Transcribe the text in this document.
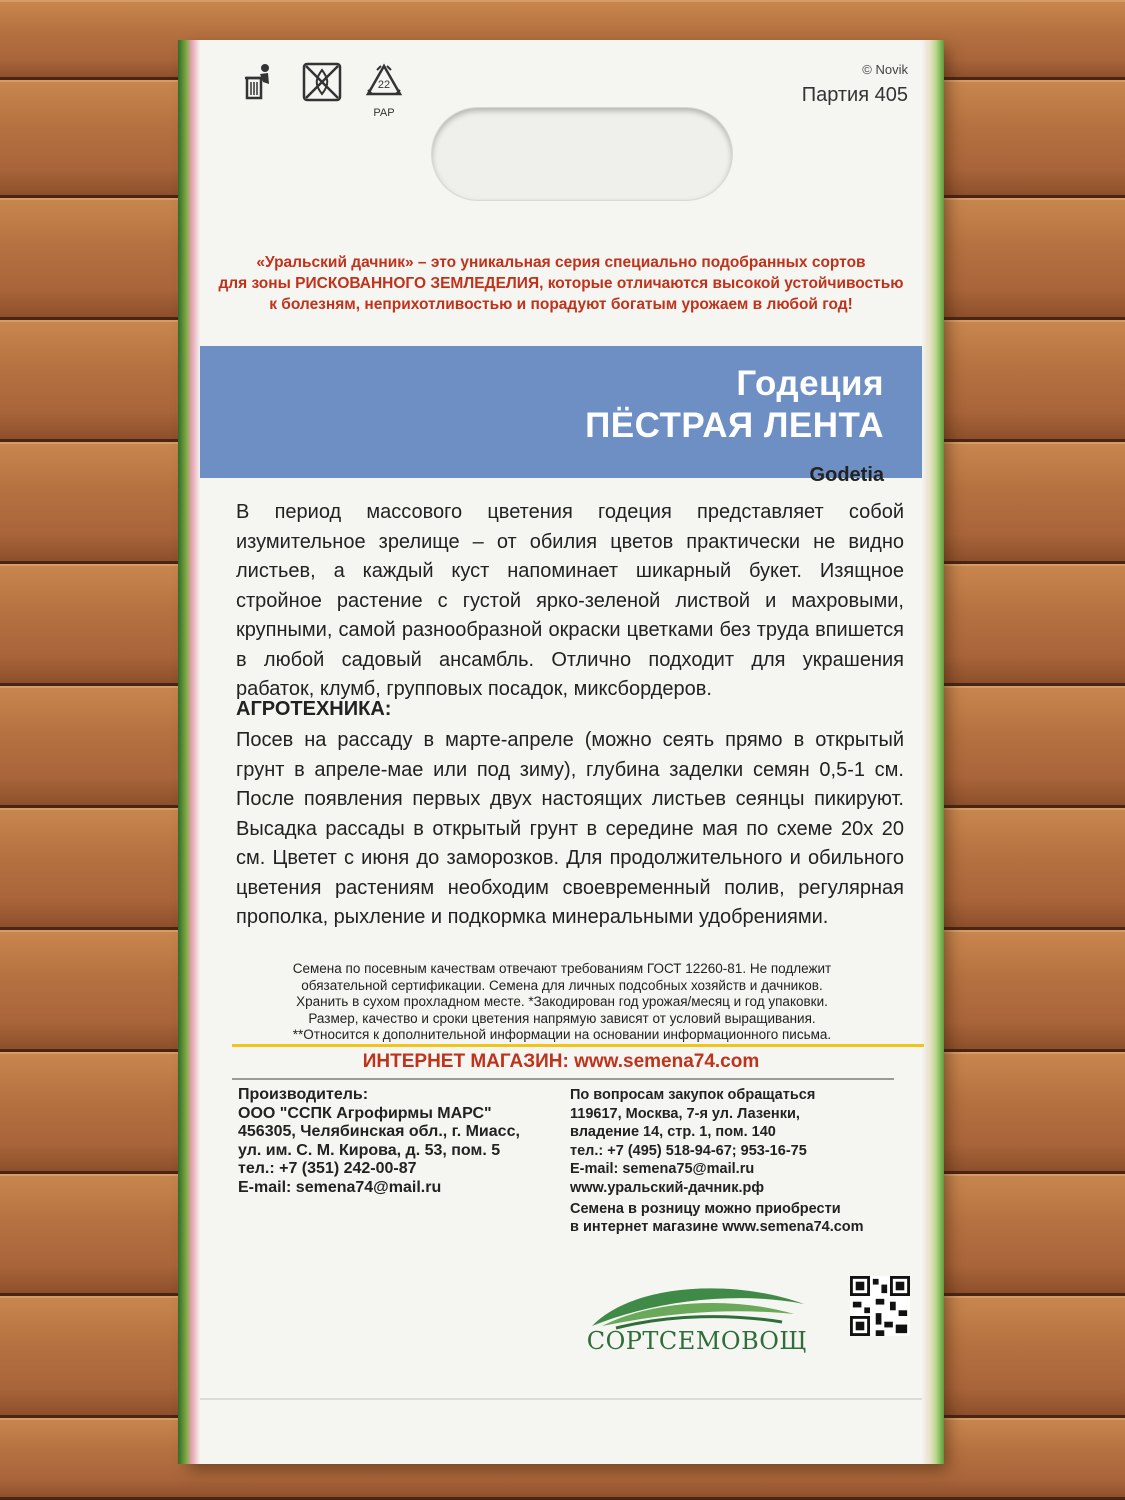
22
PAP
© Novik
Партия 405
«Уральский дачник» – это уникальная серия специально подобранных сортов
для зоны РИСКОВАННОГО ЗЕМЛЕДЕЛИЯ, которые отличаются высокой устойчивостью
к болезням, неприхотливостью и порадуют богатым урожаем в любой год!
Годеция
ПЁСТРАЯ ЛЕНТА
Godetia
В период массового цветения годеция представляет собой изумительное зрелище – от обилия цветов практически не видно листьев, а каждый куст напоминает шикарный букет. Изящное стройное растение с густой ярко-зеленой листвой и махровыми, крупными, самой разнообразной окраски цветками без труда впишется в любой садовый ансамбль. Отлично подходит для украшения рабаток, клумб, групповых посадок, миксбордеров.
АГРОТЕХНИКА:
Посев на рассаду в марте-апреле (можно сеять прямо в открытый грунт в апреле-мае или под зиму), глубина заделки семян 0,5-1 см. После появления первых двух настоящих листьев сеянцы пикируют. Высадка рассады в открытый грунт в середине мая по схеме 20х 20 см. Цветет с июня до заморозков. Для продолжительного и обильного цветения растениям необходим своевременный полив, регулярная прополка, рыхление и подкормка минеральными удобрениями.
Семена по посевным качествам отвечают требованиям ГОСТ 12260-81. Не подлежит
обязательной сертификации. Семена для личных подсобных хозяйств и дачников.
Хранить в сухом прохладном месте. *Закодирован год урожая/месяц и год упаковки.
Размер, качество и сроки цветения напрямую зависят от условий выращивания.
**Относится к дополнительной информации на основании информационного письма.
ИНТЕРНЕТ МАГАЗИН: www.semena74.com
Производитель:
ООО "ССПК Агрофирмы МАРС"
456305, Челябинская обл., г. Миасс,
ул. им. С. М. Кирова, д. 53, пом. 5
тел.: +7 (351) 242-00-87
E-mail: semena74@mail.ru
По вопросам закупок обращаться
119617, Москва, 7-я ул. Лазенки,
владение 14, стр. 1, пом. 140
тел.: +7 (495) 518-94-67; 953-16-75
E-mail: semena75@mail.ru
www.уральский-дачник.рф
Семена в розницу можно приобрести
в интернет магазине www.semena74.com
СОРТСЕМОВОЩ
